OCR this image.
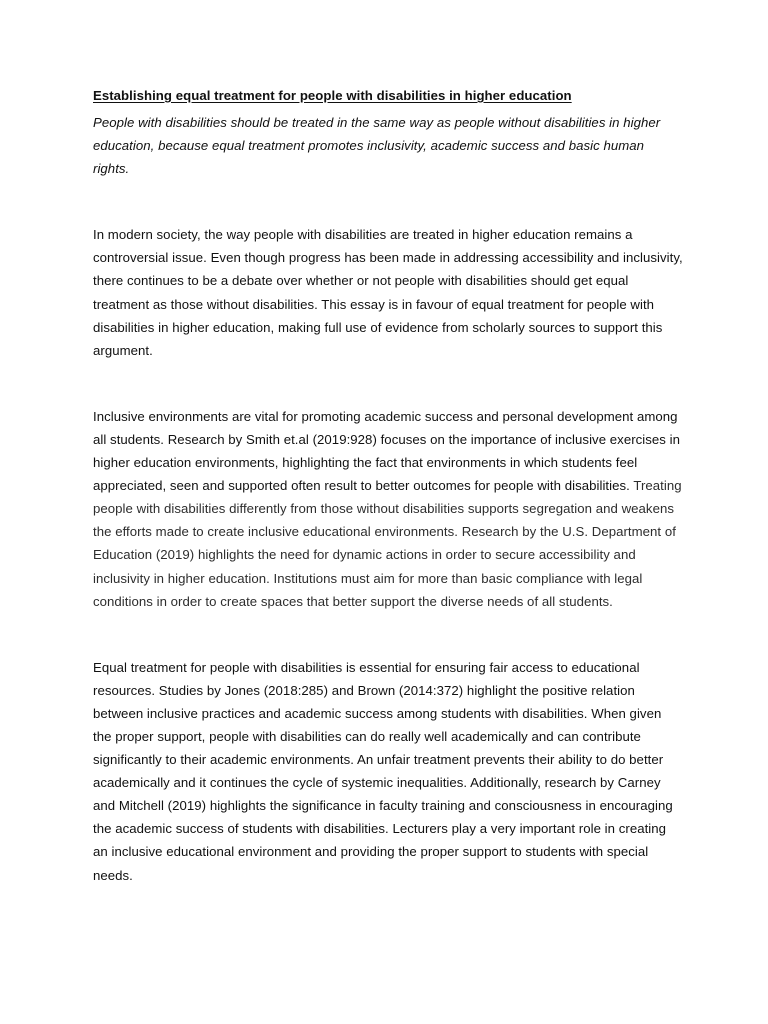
Establishing equal treatment for people with disabilities in higher education

People with disabilities should be treated in the same way as people without disabilities in higher education, because equal treatment promotes inclusivity, academic success and basic human rights.

In modern society, the way people with disabilities are treated in higher education remains a controversial issue. Even though progress has been made in addressing accessibility and inclusivity, there continues to be a debate over whether or not people with disabilities should get equal treatment as those without disabilities. This essay is in favour of equal treatment for people with disabilities in higher education, making full use of evidence from scholarly sources to support this argument.

Inclusive environments are vital for promoting academic success and personal development among all students. Research by Smith et.al (2019:928) focuses on the importance of inclusive exercises in higher education environments, highlighting the fact that environments in which students feel appreciated, seen and supported often result to better outcomes for people with disabilities. Treating people with disabilities differently from those without disabilities supports segregation and weakens the efforts made to create inclusive educational environments. Research by the U.S. Department of Education (2019) highlights the need for dynamic actions in order to secure accessibility and inclusivity in higher education. Institutions must aim for more than basic compliance with legal conditions in order to create spaces that better support the diverse needs of all students.

Equal treatment for people with disabilities is essential for ensuring fair access to educational resources. Studies by Jones (2018:285) and Brown (2014:372) highlight the positive relation between inclusive practices and academic success among students with disabilities. When given the proper support, people with disabilities can do really well academically and can contribute significantly to their academic environments. An unfair treatment prevents their ability to do better academically and it continues the cycle of systemic inequalities. Additionally, research by Carney and Mitchell (2019) highlights the significance in faculty training and consciousness in encouraging the academic success of students with disabilities. Lecturers play a very important role in creating an inclusive educational environment and providing the proper support to students with special needs.
